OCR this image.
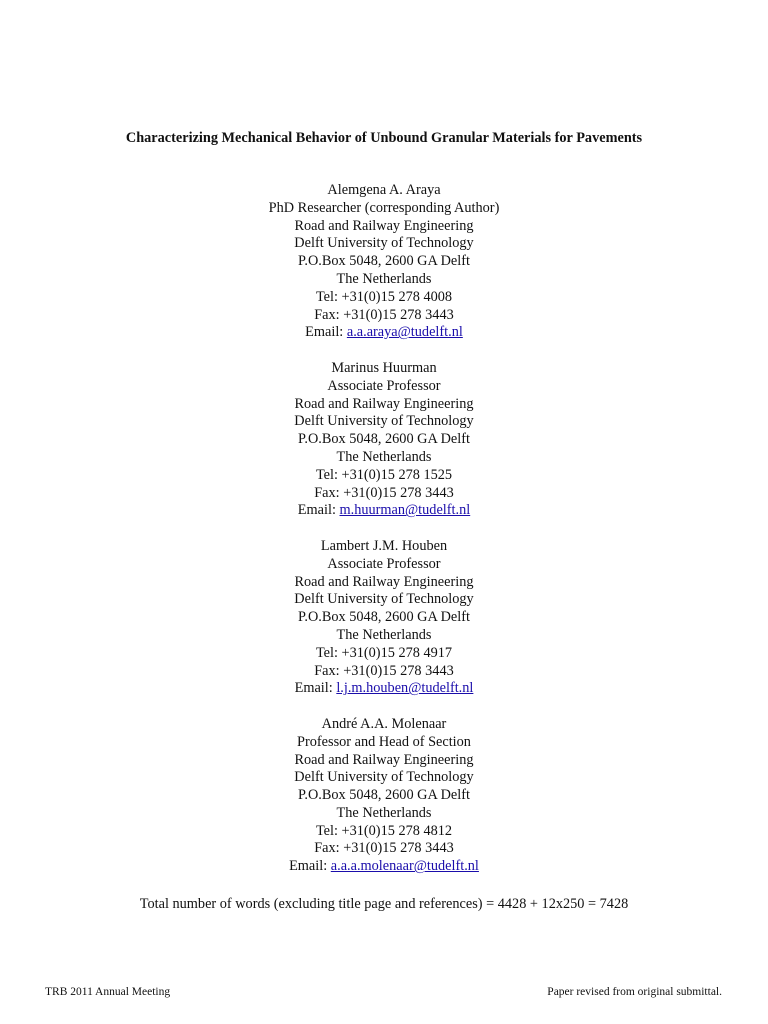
Characterizing Mechanical Behavior of Unbound Granular Materials for Pavements
Alemgena A. Araya
PhD Researcher (corresponding Author)
Road and Railway Engineering
Delft University of Technology
P.O.Box 5048, 2600 GA Delft
The Netherlands
Tel: +31(0)15 278 4008
Fax: +31(0)15 278 3443
Email: a.a.araya@tudelft.nl
Marinus Huurman
Associate Professor
Road and Railway Engineering
Delft University of Technology
P.O.Box 5048, 2600 GA Delft
The Netherlands
Tel: +31(0)15 278 1525
Fax: +31(0)15 278 3443
Email: m.huurman@tudelft.nl
Lambert J.M. Houben
Associate Professor
Road and Railway Engineering
Delft University of Technology
P.O.Box 5048, 2600 GA Delft
The Netherlands
Tel: +31(0)15 278 4917
Fax: +31(0)15 278 3443
Email: l.j.m.houben@tudelft.nl
André A.A. Molenaar
Professor and Head of Section
Road and Railway Engineering
Delft University of Technology
P.O.Box 5048, 2600 GA Delft
The Netherlands
Tel: +31(0)15 278 4812
Fax: +31(0)15 278 3443
Email: a.a.a.molenaar@tudelft.nl

Total number of words (excluding title page and references) = 4428 + 12x250 = 7428

TRB 2011 Annual Meeting	Paper revised from original submittal.
